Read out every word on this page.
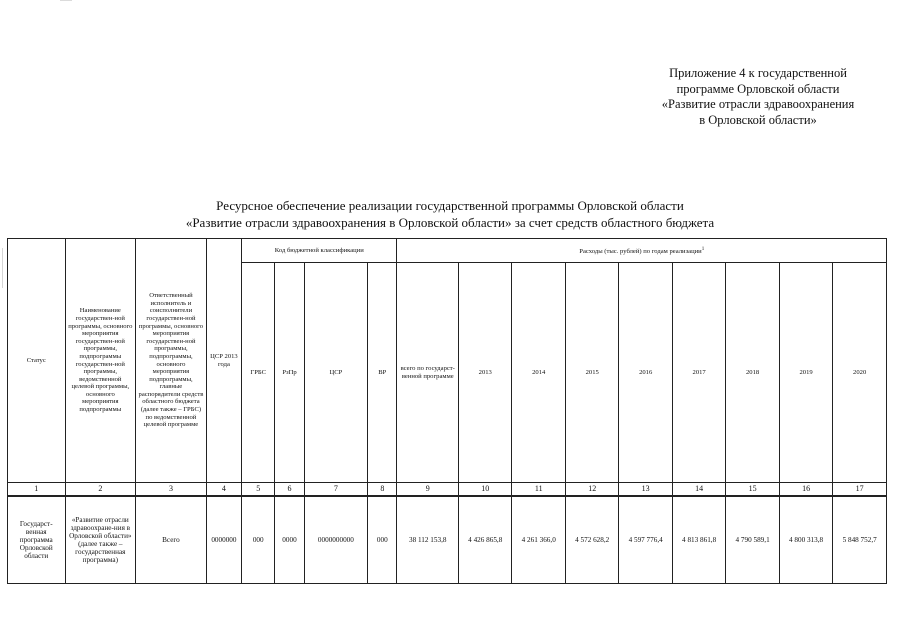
Приложение 4 к государственной
программе Орловской области
«Развитие отрасли здравоохранения
в Орловской области»
Ресурсное обеспечение реализации государственной программы Орловской области
«Развитие отрасли здравоохранения в Орловской области» за счет средств областного бюджета
Статус	Наименование государствен-ной программы, основного мероприятия государствен-ной программы, подпрограммы государствен-ной программы, ведомственной целевой программы, основного мероприятия подпрограммы	Ответственный исполнитель и соисполнители государствен-ной программы, основного мероприятия государствен-ной программы, подпрограммы, основного мероприятия подпрограммы, главные распорядители средств областного бюджета (далее также – ГРБС) по ведомственной целевой программе	ЦСР 2013 года	Код бюджетной классификации				Расходы (тыс. рублей) по годам реализации$^1$
				ГРБС	РзПр	ЦСР	ВР	всего по государст-венной программе	2013	2014	2015	2016	2017	2018	2019	2020
1	2	3	4	5	6	7	8	9	10	11	12	13	14	15	16	17
Государст-венная программа Орловской области	«Развитие отрасли здравоохране-ния в Орловской области» (далее также – государственная программа)	Всего	0000000	000	0000	0000000000	000	38 112 153,8	4 426 865,8	4 261 366,0	4 572 628,2	4 597 776,4	4 813 861,8	4 790 589,1	4 800 313,8	5 848 752,7
